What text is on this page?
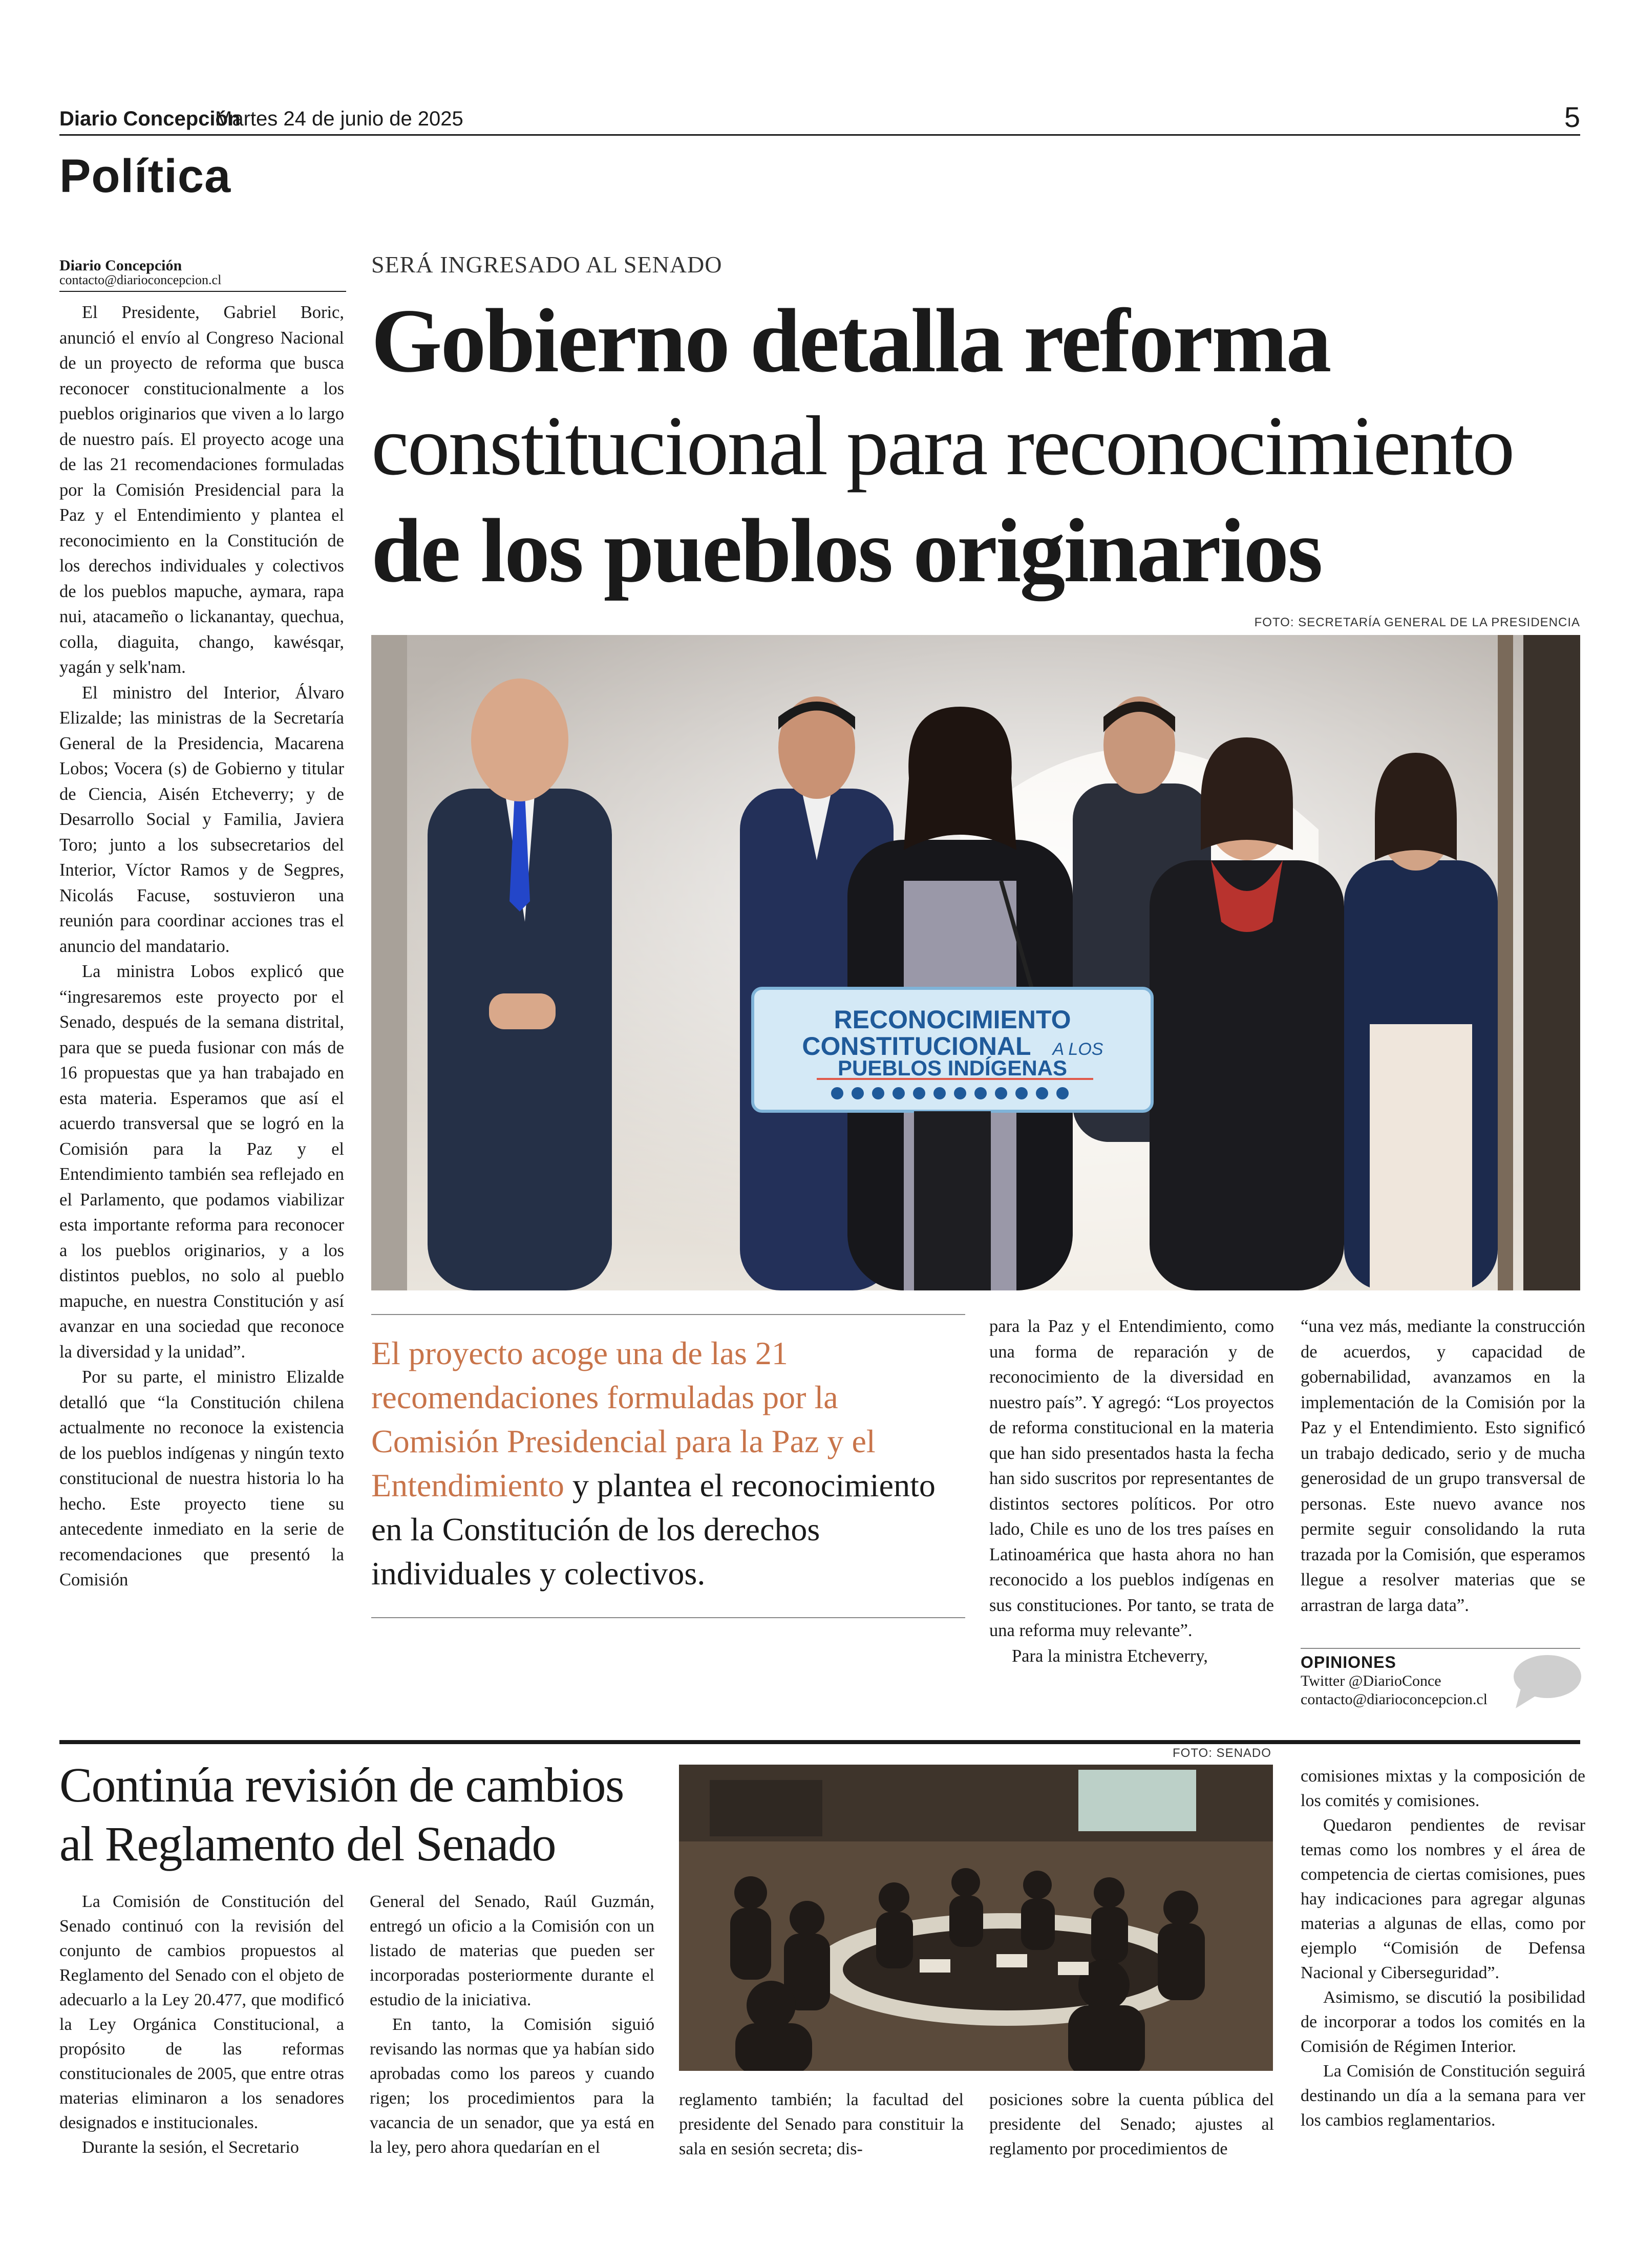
Diario Concepción
Martes 24 de junio de 2025	5
Política
Diario Concepción
contacto@diarioconcepcion.cl

El Presidente, Gabriel Boric, anunció el envío al Congreso Nacional de un proyecto de reforma que busca reconocer constitucionalmente a los pueblos originarios que viven a lo largo de nuestro país. El proyecto acoge una de las 21 recomendaciones formuladas por la Comisión Presidencial para la Paz y el Entendimiento y plantea el reconocimiento en la Constitución de los derechos individuales y colectivos de los pueblos mapuche, aymara, rapa nui, atacameño o lickanantay, quechua, colla, diaguita, chango, kawésqar, yagán y selk'nam.

El ministro del Interior, Álvaro Elizalde; las ministras de la Secretaría General de la Presidencia, Macarena Lobos; Vocera (s) de Gobierno y titular de Ciencia, Aisén Etcheverry; y de Desarrollo Social y Familia, Javiera Toro; junto a los subsecretarios del Interior, Víctor Ramos y de Segpres, Nicolás Facuse, sostuvieron una reunión para coordinar acciones tras el anuncio del mandatario.

La ministra Lobos explicó que “ingresaremos este proyecto por el Senado, después de la semana distrital, para que se pueda fusionar con más de 16 propuestas que ya han trabajado en esta materia. Esperamos que así el acuerdo transversal que se logró en la Comisión para la Paz y el Entendimiento también sea reflejado en el Parlamento, que podamos viabilizar esta importante reforma para reconocer a los pueblos originarios, y a los distintos pueblos, no solo al pueblo mapuche, en nuestra Constitución y así avanzar en una sociedad que reconoce la diversidad y la unidad”.

Por su parte, el ministro Elizalde detalló que “la Constitución chilena actualmente no reconoce la existencia de los pueblos indígenas y ningún texto constitucional de nuestra historia lo ha hecho. Este proyecto tiene su antecedente inmediato en la serie de recomendaciones que presentó la Comisión

SERÁ INGRESADO AL SENADO
Gobierno detalla reforma
constitucional para reconocimiento
de los pueblos originarios
FOTO: SECRETARÍA GENERAL DE LA PRESIDENCIA
RECONOCIMIENTO
CONSTITUCIONAL A LOS
PUEBLOS INDÍGENAS
El proyecto acoge una de las 21 recomendaciones formuladas por la Comisión Presidencial para la Paz y el Entendimiento y plantea el reconocimiento en la Constitución de los derechos individuales y colectivos.

para la Paz y el Entendimiento, como una forma de reparación y de reconocimiento de la diversidad en nuestro país”. Y agregó: “Los proyectos de reforma constitucional en la materia que han sido presentados hasta la fecha han sido suscritos por representantes de distintos sectores políticos. Por otro lado, Chile es uno de los tres países en Latinoamérica que hasta ahora no han reconocido a los pueblos indígenas en sus constituciones. Por tanto, se trata de una reforma muy relevante”.

Para la ministra Etcheverry,

“una vez más, mediante la construcción de acuerdos, y capacidad de gobernabilidad, avanzamos en la implementación de la Comisión por la Paz y el Entendimiento. Esto significó un trabajo dedicado, serio y de mucha generosidad de un grupo transversal de personas. Este nuevo avance nos permite seguir consolidando la ruta trazada por la Comisión, que esperamos llegue a resolver materias que se arrastran de larga data”.

OPINIONES
Twitter @DiarioConce
contacto@diarioconcepcion.cl
Continúa revisión de cambios
al Reglamento del Senado

La Comisión de Constitución del Senado continuó con la revisión del conjunto de cambios propuestos al Reglamento del Senado con el objeto de adecuarlo a la Ley 20.477, que modificó la Ley Orgánica Constitucional, a propósito de las reformas constitucionales de 2005, que entre otras materias eliminaron a los senadores designados e institucionales.

Durante la sesión, el Secretario

General del Senado, Raúl Guzmán, entregó un oficio a la Comisión con un listado de materias que pueden ser incorporadas posteriormente durante el estudio de la iniciativa.

En tanto, la Comisión siguió revisando las normas que ya habían sido aprobadas como los pareos y cuando rigen; los procedimientos para la vacancia de un senador, que ya está en la ley, pero ahora quedarían en el

FOTO: SENADO

reglamento también; la facultad del presidente del Senado para constituir la sala en sesión secreta; dis-

posiciones sobre la cuenta pública del presidente del Senado; ajustes al reglamento por procedimientos de

comisiones mixtas y la composición de los comités y comisiones.

Quedaron pendientes de revisar temas como los nombres y el área de competencia de ciertas comisiones, pues hay indicaciones para agregar algunas materias a algunas de ellas, como por ejemplo “Comisión de Defensa Nacional y Ciberseguridad”.

Asimismo, se discutió la posibilidad de incorporar a todos los comités en la Comisión de Régimen Interior.

La Comisión de Constitución seguirá destinando un día a la semana para ver los cambios reglamentarios.
